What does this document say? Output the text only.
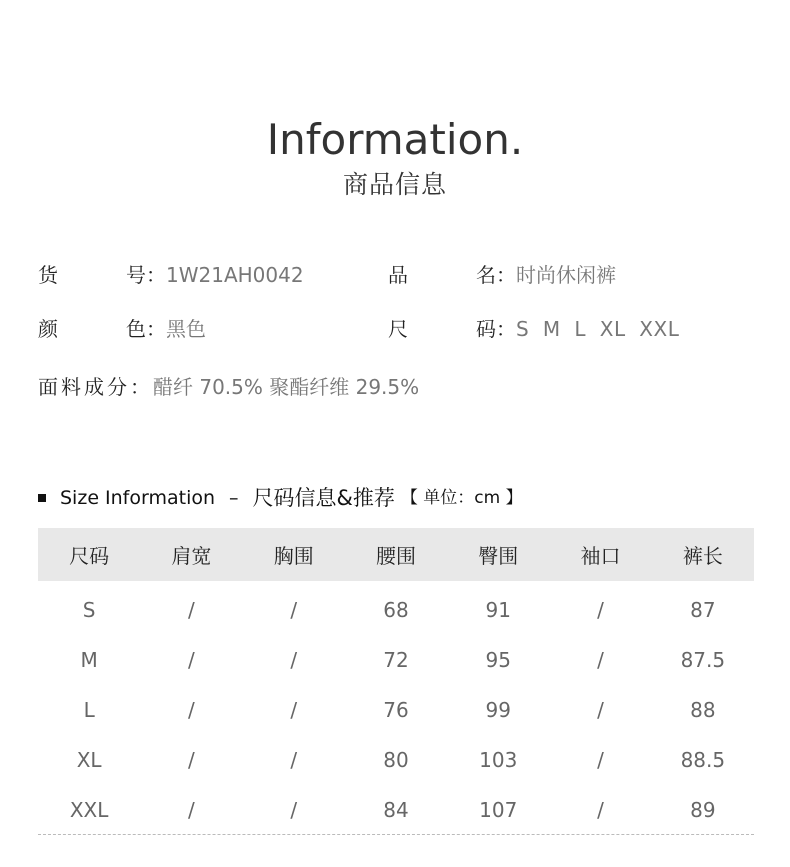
Information.
商品信息
货	号： 1W21AH0042	品	名： 时尚休闲裤
颜	色： 黑色	尺	码： S  M  L  XL  XXL
面料成分：醋纤 70.5% 聚酯纤维 29.5%
Size Information – 尺码信息&推荐 【 单位：cm 】
尺码	肩宽	胸围	腰围	臀围	袖口	裤长
S	/	/	68	91	/	87
M	/	/	72	95	/	87.5
L	/	/	76	99	/	88
XL	/	/	80	103	/	88.5
XXL	/	/	84	107	/	89
